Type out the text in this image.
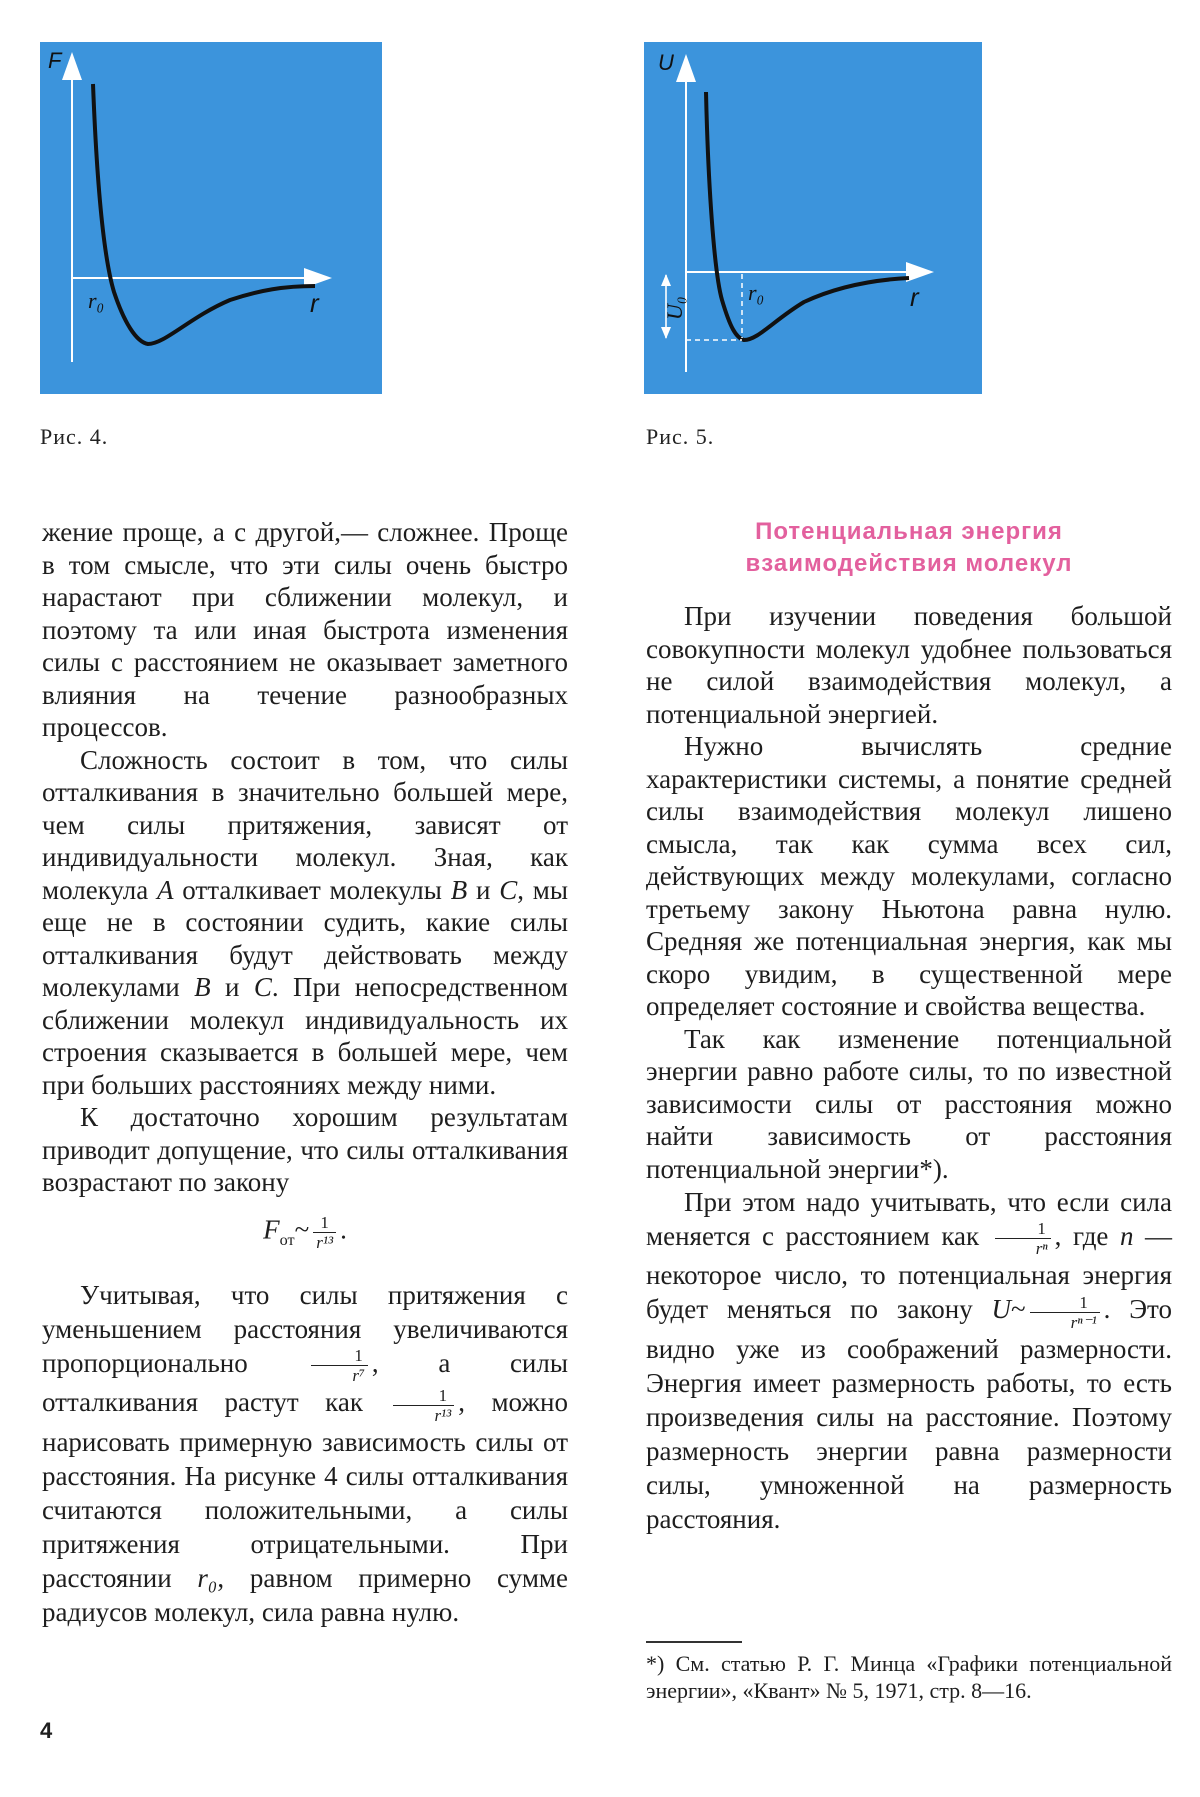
F
r
r₀
Рис. 4.
U
r
r₀
U₀
Рис. 5.

жение проще, а с другой,— сложнее. Проще в том смысле, что эти силы очень быстро нарастают при сближении молекул, и поэтому та или иная быстрота изменения силы с расстоянием не оказывает заметного влияния на течение разнообразных процессов.

Сложность состоит в том, что силы отталкивания в значительно большей мере, чем силы притяжения, зависят от индивидуальности молекул. Зная, как молекула A отталкивает молекулы B и C, мы еще не в состоянии судить, какие силы отталкивания будут действовать между молекулами B и C. При непосредственном сближении молекул индивидуальность их строения сказывается в большей мере, чем при больших расстояниях между ними.

К достаточно хорошим результатам приводит допущение, что силы отталкивания возрастают по закону

$F_{от}\sim \frac{1}{\text{r¹³}}$ .

Учитывая, что силы притяжения с уменьшением расстояния увеличиваются пропорционально $\frac{1}{\text{r⁷}}$ , а силы отталкивания растут как $\frac{1}{\text{r¹³}}$ , можно нарисовать примерную зависимость силы от расстояния. На рисунке 4 силы отталкивания считаются положительными, а силы притяжения отрицательными. При расстоянии r₀, равном примерно сумме радиусов молекул, сила равна нулю.

Потенциальная энергия
взаимодействия молекул

При изучении поведения большой совокупности молекул удобнее пользоваться не силой взаимодействия молекул, а потенциальной энергией.

Нужно вычислять средние характеристики системы, а понятие средней силы взаимодействия молекул лишено смысла, так как сумма всех сил, действующих между молекулами, согласно третьему закону Ньютона равна нулю. Средняя же потенциальная энергия, как мы скоро увидим, в существенной мере определяет состояние и свойства вещества.

Так как изменение потенциальной энергии равно работе силы, то по известной зависимости силы от расстояния можно найти зависимость от расстояния потенциальной энергии*).

При этом надо учитывать, что если сила меняется с расстоянием как $\frac{1}{\text{rⁿ}}$ , где n — некоторое число, то потенциальная энергия будет меняться по закону U~ $\frac{1}{\text{rⁿ⁻¹}}$ . Это видно уже из соображений размерности. Энергия имеет размерность работы, то есть произведения силы на расстояние. Поэтому размерность энергии равна размерности силы, умноженной на размерность расстояния.

*) См. статью Р. Г. Минца «Графики потенциальной энергии», «Квант» № 5, 1971, стр. 8—16.
4
